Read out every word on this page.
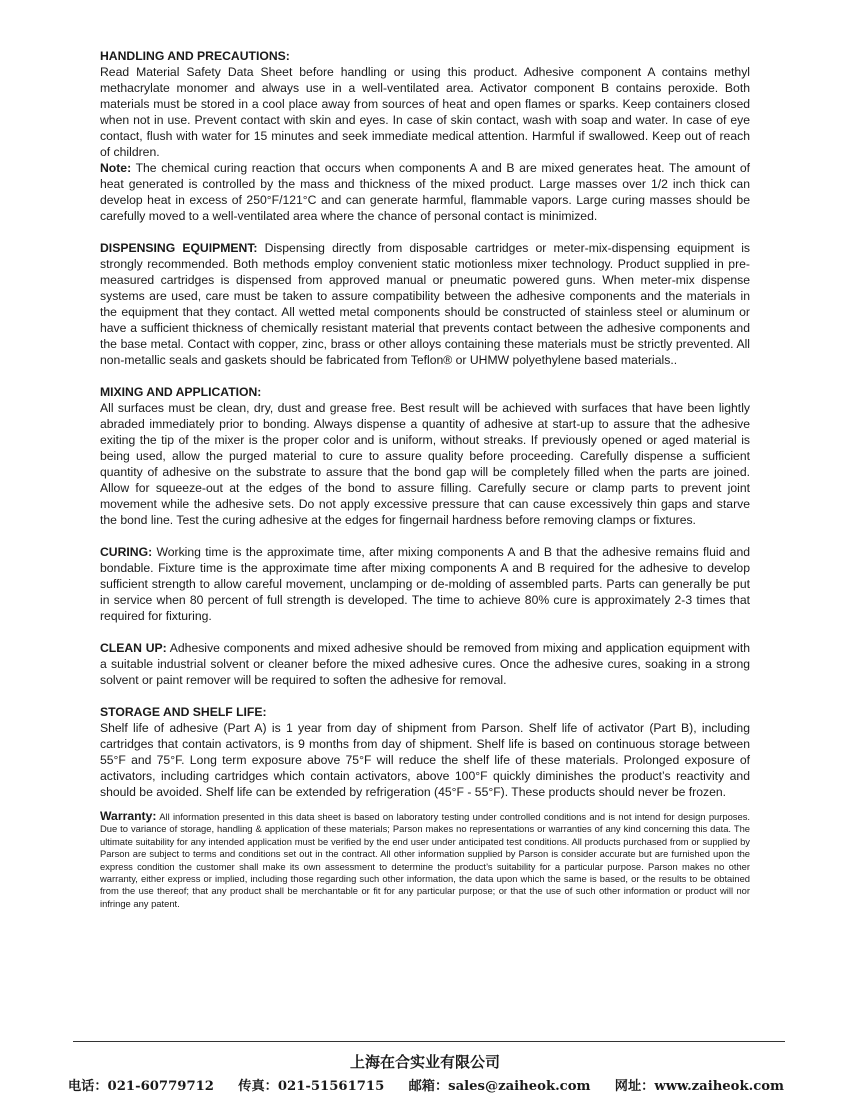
HANDLING AND PRECAUTIONS:

Read Material Safety Data Sheet before handling or using this product. Adhesive component A contains methyl methacrylate monomer and always use in a well-ventilated area. Activator component B contains peroxide. Both materials must be stored in a cool place away from sources of heat and open flames or sparks. Keep containers closed when not in use. Prevent contact with skin and eyes. In case of skin contact, wash with soap and water. In case of eye contact, flush with water for 15 minutes and seek immediate medical attention. Harmful if swallowed. Keep out of reach of children.

Note: The chemical curing reaction that occurs when components A and B are mixed generates heat. The amount of heat generated is controlled by the mass and thickness of the mixed product. Large masses over 1/2 inch thick can develop heat in excess of 250°F/121°C and can generate harmful, flammable vapors. Large curing masses should be carefully moved to a well-ventilated area where the chance of personal contact is minimized.

DISPENSING EQUIPMENT: Dispensing directly from disposable cartridges or meter-mix-dispensing equipment is strongly recommended. Both methods employ convenient static motionless mixer technology. Product supplied in pre-measured cartridges is dispensed from approved manual or pneumatic powered guns. When meter-mix dispense systems are used, care must be taken to assure compatibility between the adhesive components and the materials in the equipment that they contact. All wetted metal components should be constructed of stainless steel or aluminum or have a sufficient thickness of chemically resistant material that prevents contact between the adhesive components and the base metal. Contact with copper, zinc, brass or other alloys containing these materials must be strictly prevented. All non-metallic seals and gaskets should be fabricated from Teflon® or UHMW polyethylene based materials..

MIXING AND APPLICATION:

All surfaces must be clean, dry, dust and grease free. Best result will be achieved with surfaces that have been lightly abraded immediately prior to bonding. Always dispense a quantity of adhesive at start-up to assure that the adhesive exiting the tip of the mixer is the proper color and is uniform, without streaks. If previously opened or aged material is being used, allow the purged material to cure to assure quality before proceeding. Carefully dispense a sufficient quantity of adhesive on the substrate to assure that the bond gap will be completely filled when the parts are joined. Allow for squeeze-out at the edges of the bond to assure filling. Carefully secure or clamp parts to prevent joint movement while the adhesive sets. Do not apply excessive pressure that can cause excessively thin gaps and starve the bond line. Test the curing adhesive at the edges for fingernail hardness before removing clamps or fixtures.

CURING: Working time is the approximate time, after mixing components A and B that the adhesive remains fluid and bondable. Fixture time is the approximate time after mixing components A and B required for the adhesive to develop sufficient strength to allow careful movement, unclamping or de-molding of assembled parts. Parts can generally be put in service when 80 percent of full strength is developed. The time to achieve 80% cure is approximately 2-3 times that required for fixturing.

CLEAN UP: Adhesive components and mixed adhesive should be removed from mixing and application equipment with a suitable industrial solvent or cleaner before the mixed adhesive cures. Once the adhesive cures, soaking in a strong solvent or paint remover will be required to soften the adhesive for removal.

STORAGE AND SHELF LIFE:

Shelf life of adhesive (Part A) is 1 year from day of shipment from Parson. Shelf life of activator (Part B), including cartridges that contain activators, is 9 months from day of shipment. Shelf life is based on continuous storage between 55°F and 75°F. Long term exposure above 75°F will reduce the shelf life of these materials. Prolonged exposure of activators, including cartridges which contain activators, above 100°F quickly diminishes the product’s reactivity and should be avoided. Shelf life can be extended by refrigeration (45°F - 55°F). These products should never be frozen.

Warranty: All information presented in this data sheet is based on laboratory testing under controlled conditions and is not intend for design purposes. Due to variance of storage, handling & application of these materials; Parson makes no representations or warranties of any kind concerning this data. The ultimate suitability for any intended application must be verified by the end user under anticipated test conditions. All products purchased from or supplied by Parson are subject to terms and conditions set out in the contract. All other information supplied by Parson is consider accurate but are furnished upon the express condition the customer shall make its own assessment to determine the product’s suitability for a particular purpose. Parson makes no other warranty, either express or implied, including those regarding such other information, the data upon which the same is based, or the results to be obtained from the use thereof; that any product shall be merchantable or fit for any particular purpose; or that the use of such other information or product will nor infringe any patent.
上海在合实业有限公司
电话：021-60779712 传真：021-51561715 邮箱：sales@zaiheok.com 网址：www.zaiheok.com
